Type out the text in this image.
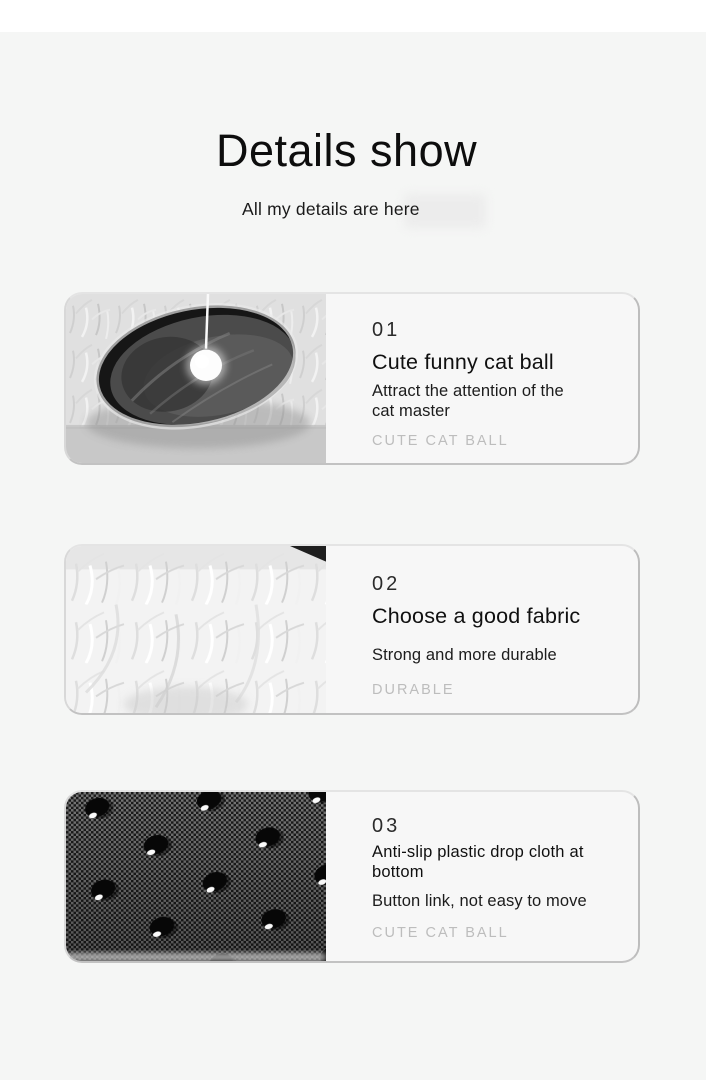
Details show

All my details are here

01
Cute funny cat ball
Attract the attention of the cat master
CUTE CAT BALL
02
Choose a good fabric
Strong and more durable
DURABLE
03
Anti-slip plastic drop cloth at bottom
Button link, not easy to move
CUTE CAT BALL
